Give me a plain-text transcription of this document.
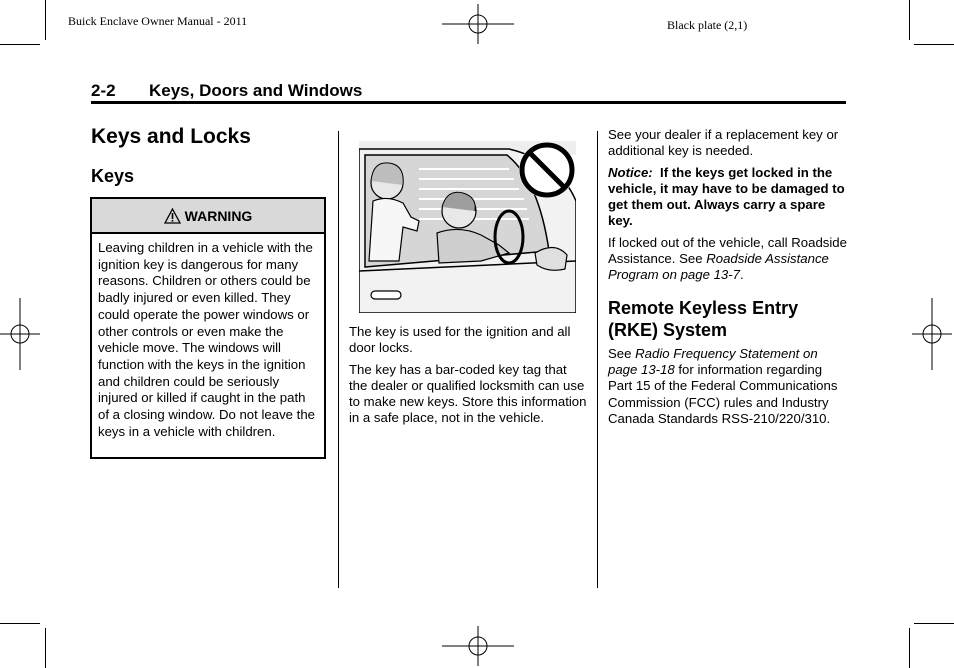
Buick Enclave Owner Manual - 2011	Black plate (2,1)
2-2 Keys, Doors and Windows
Keys and Locks
Keys
WARNING
Leaving children in a vehicle with the ignition key is dangerous for many reasons. Children or others could be badly injured or even killed. They could operate the power windows or other controls or even make the vehicle move. The windows will function with the keys in the ignition and children could be seriously injured or killed if caught in the path of a closing window. Do not leave the keys in a vehicle with children.

The key is used for the ignition and all door locks.

The key has a bar-coded key tag that the dealer or qualified locksmith can use to make new keys. Store this information in a safe place, not in the vehicle.

See your dealer if a replacement key or additional key is needed.

Notice: If the keys get locked in the vehicle, it may have to be damaged to get them out. Always carry a spare key.

If locked out of the vehicle, call Roadside Assistance. See Roadside Assistance Program on page 13-7.

Remote Keyless Entry (RKE) System

See Radio Frequency Statement on page 13-18 for information regarding Part 15 of the Federal Communications Commission (FCC) rules and Industry Canada Standards RSS-210/220/310.
